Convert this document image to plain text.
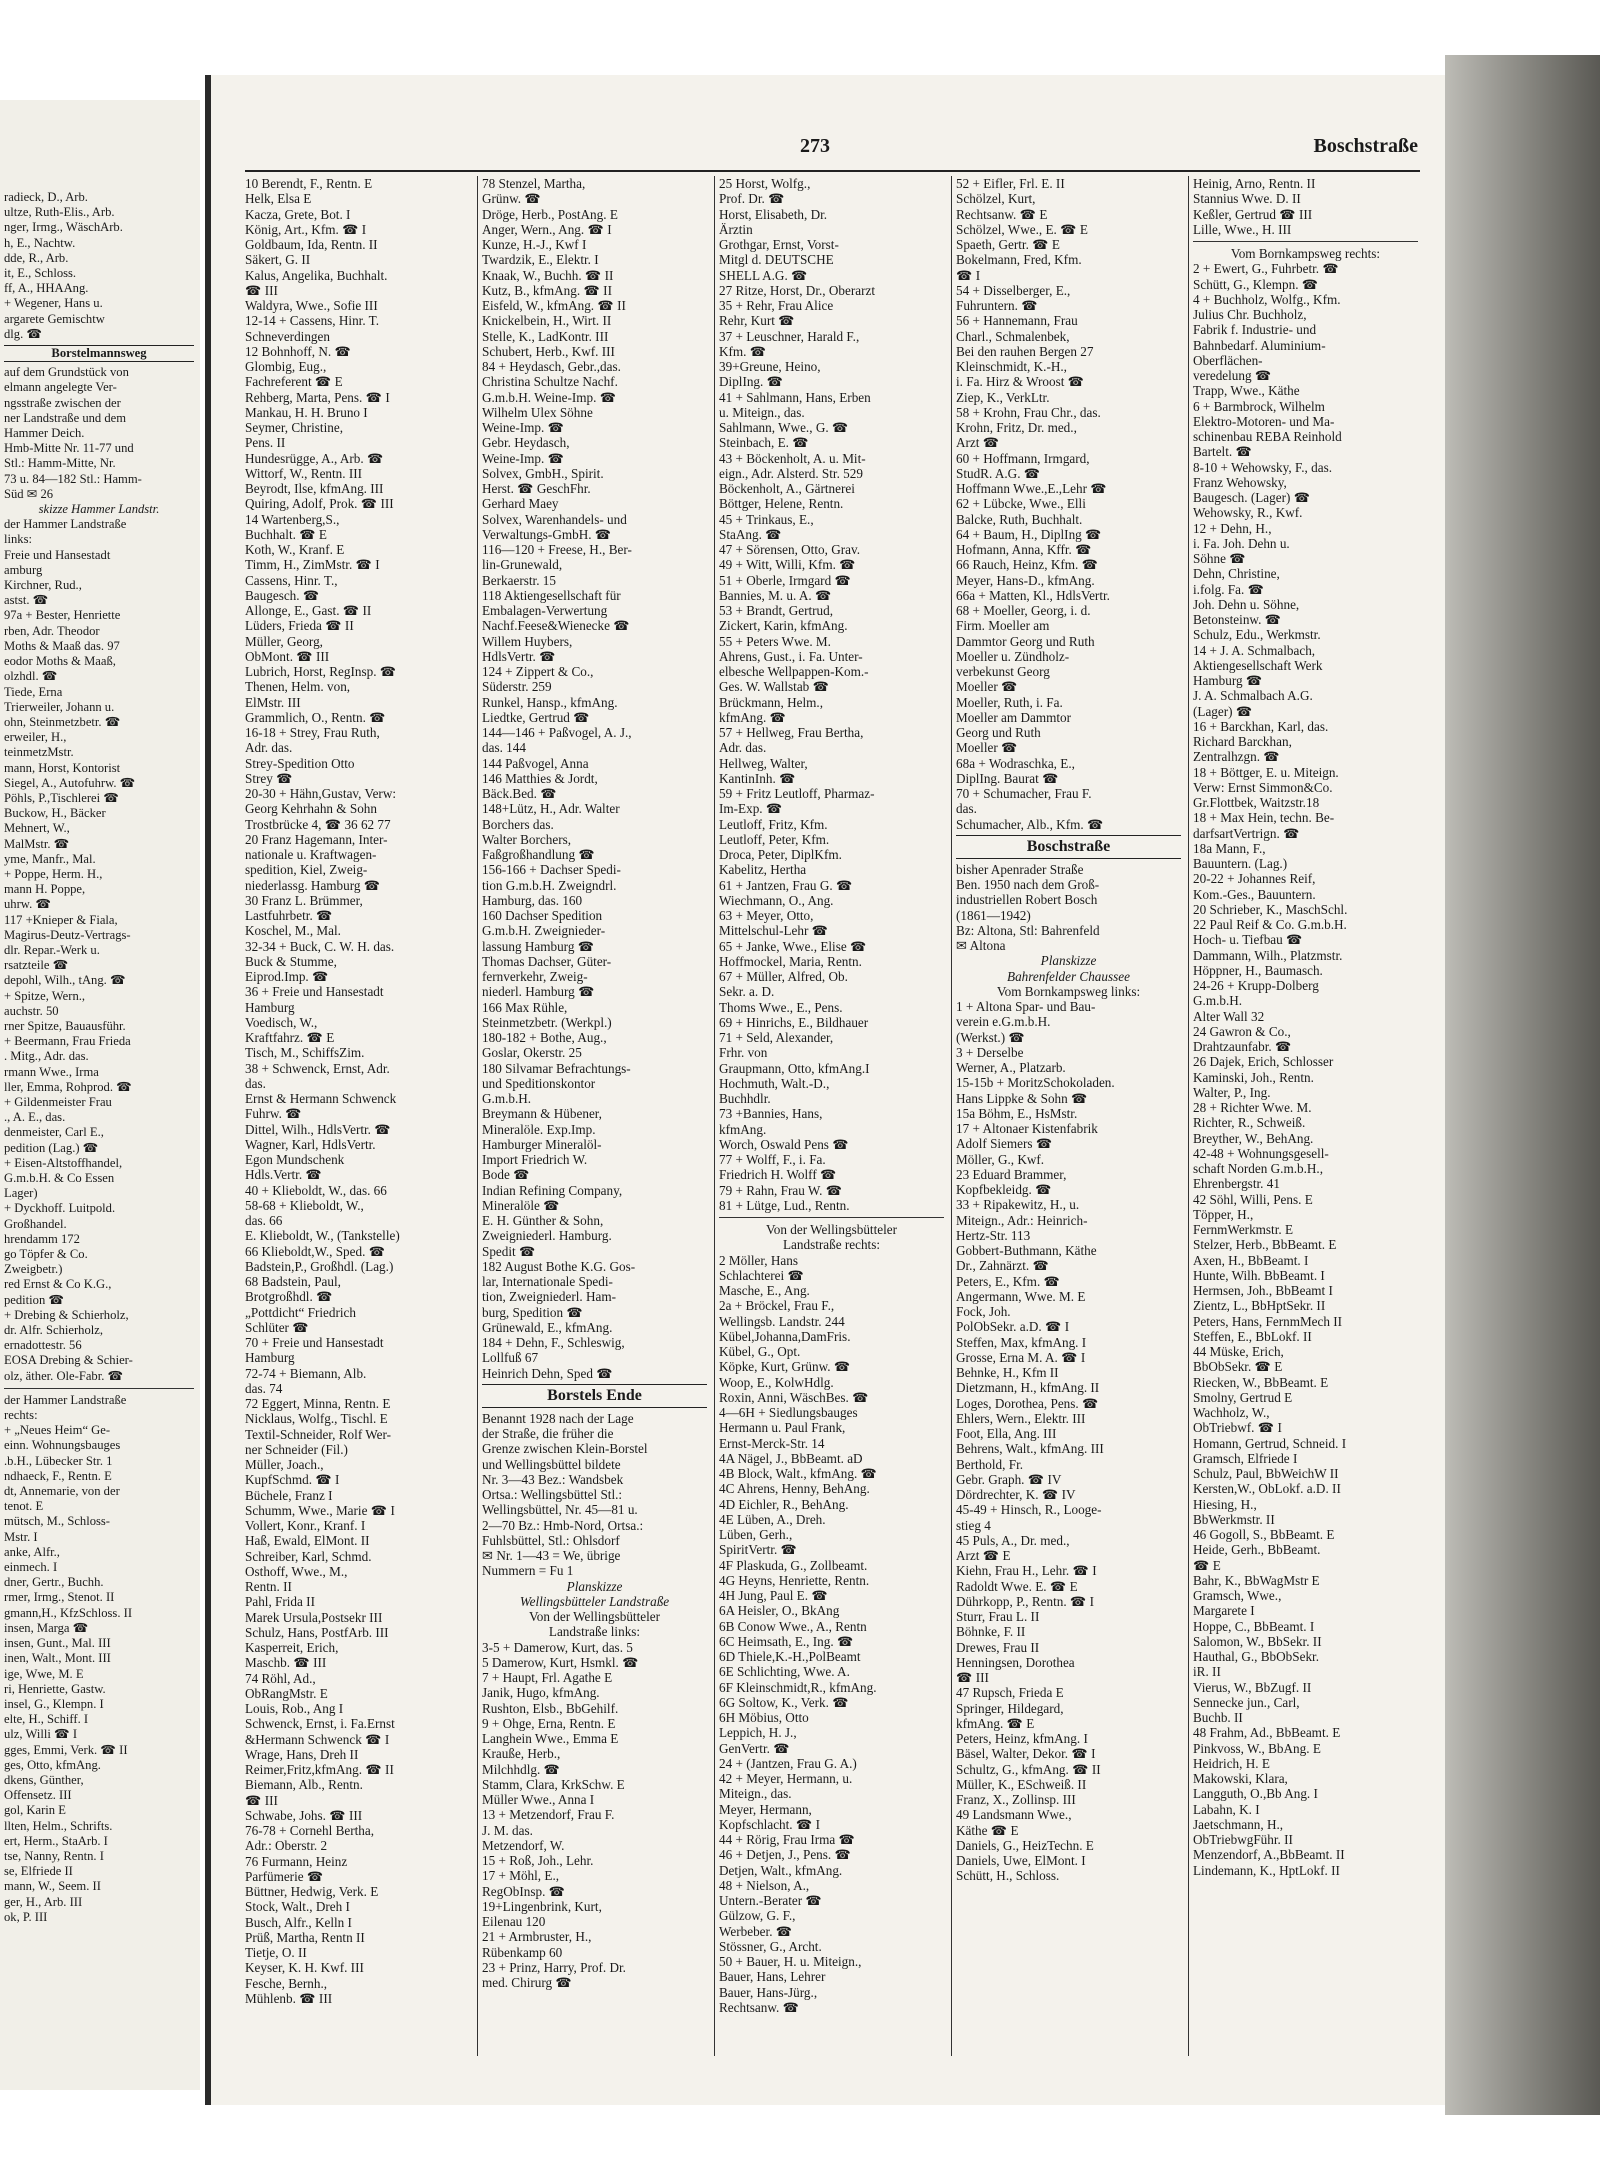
radieck, D., Arb.
ultze, Ruth-Elis., Arb.
nger, Irmg., WäschArb.
h, E., Nachtw.
dde, R., Arb.
it, E., Schloss.
ff, A., HHAAng.
+ Wegener, Hans u.
argarete Gemischtw
dlg. ☎
Borstelmannsweg
auf dem Grundstück von
elmann angelegte Ver-
ngsstraße zwischen der
ner Landstraße und dem
Hammer Deich.
Hmb-Mitte Nr. 11-77 und
Stl.: Hamm-Mitte, Nr.
73 u. 84—182 Stl.: Hamm-
Süd ✉ 26
skizze Hammer Landstr.
der Hammer Landstraße
links:
Freie und Hansestadt
amburg
Kirchner, Rud.,
astst. ☎
97a + Bester, Henriette
rben, Adr. Theodor
Moths & Maaß das. 97
eodor Moths & Maaß,
olzhdl. ☎
Tiede, Erna
Trierweiler, Johann u.
ohn, Steinmetzbetr. ☎
erweiler, H.,
teinmetzMstr.
mann, Horst, Kontorist
Siegel, A., Autofuhrw. ☎
Pöhls, P.,Tischlerei ☎
Buckow, H., Bäcker
Mehnert, W.,
MalMstr. ☎
yme, Manfr., Mal.
+ Poppe, Herm. H.,
mann H. Poppe,
uhrw. ☎
117 +Knieper & Fiala,
Magirus-Deutz-Vertrags-
dlr. Repar.-Werk u.
rsatzteile ☎
depohl, Wilh., tAng. ☎
+ Spitze, Wern.,
auchstr. 50
rner Spitze, Bauausführ.
+ Beermann, Frau Frieda
. Mitg., Adr. das.
rmann Wwe., Irma
ller, Emma, Rohprod. ☎
+ Gildenmeister Frau
., A. E., das.
denmeister, Carl E.,
pedition (Lag.) ☎
+ Eisen-Altstoffhandel,
G.m.b.H. & Co Essen
Lager)
+ Dyckhoff. Luitpold.
Großhandel.
hrendamm 172
go Töpfer & Co.
Zweigbetr.)
red Ernst & Co K.G.,
pedition ☎
+ Drebing & Schierholz,
dr. Alfr. Schierholz,
ernadottestr. 56
EOSA Drebing & Schier-
olz, äther. Ole-Fabr. ☎
der Hammer Landstraße
rechts:
+ „Neues Heim“ Ge-
einn. Wohnungsbauges
.b.H., Lübecker Str. 1
ndhaeck, F., Rentn. E
dt, Annemarie, von der
tenot. E
mütsch, M., Schloss-
Mstr. I
anke, Alfr.,
einmech. I
dner, Gertr., Buchh.
rmer, Irmg., Stenot. II
gmann,H., KfzSchloss. II
insen, Marga ☎
insen, Gunt., Mal. III
inen, Walt., Mont. III
ige, Wwe, M. E
ri, Henriette, Gastw.
insel, G., Klempn. I
elte, H., Schiff. I
ulz, Willi ☎ I
gges, Emmi, Verk. ☎ II
ges, Otto, kfmAng.
dkens, Günther,
Offensetz. III
gol, Karin E
llten, Helm., Schrifts.
ert, Herm., StaArb. I
tse, Nanny, Rentn. I
se, Elfriede II
mann, W., Seem. II
ger, H., Arb. III
ok, P. III
273	Boschstraße
10 Berendt, F., Rentn. E
Helk, Elsa E
Kacza, Grete, Bot. I
König, Art., Kfm. ☎ I
Goldbaum, Ida, Rentn. II
Säkert, G. II
Kalus, Angelika, Buchhalt.
☎ III
Waldyra, Wwe., Sofie III
12-14 + Cassens, Hinr. T.
Schneverdingen
12 Bohnhoff, N. ☎
Glombig, Eug.,
Fachreferent ☎ E
Rehberg, Marta, Pens. ☎ I
Mankau, H. H. Bruno I
Seymer, Christine,
Pens. II
Hundesrügge, A., Arb. ☎
Wittorf, W., Rentn. III
Beyrodt, Ilse, kfmAng. III
Quiring, Adolf, Prok. ☎ III
14 Wartenberg,S.,
Buchhalt. ☎ E
Koth, W., Kranf. E
Timm, H., ZimMstr. ☎ I
Cassens, Hinr. T.,
Baugesch. ☎
Allonge, E., Gast. ☎ II
Lüders, Frieda ☎ II
Müller, Georg,
ObMont. ☎ III
Lubrich, Horst, RegInsp. ☎
Thenen, Helm. von,
ElMstr. III
Grammlich, O., Rentn. ☎
16-18 + Strey, Frau Ruth,
Adr. das.
Strey-Spedition Otto
Strey ☎
20-30 + Hähn,Gustav, Verw:
Georg Kehrhahn & Sohn
Trostbrücke 4, ☎ 36 62 77
20 Franz Hagemann, Inter-
nationale u. Kraftwagen-
spedition, Kiel, Zweig-
niederlassg. Hamburg ☎
30 Franz L. Brümmer,
Lastfuhrbetr. ☎
Koschel, M., Mal.
32-34 + Buck, C. W. H. das.
Buck & Stumme,
Eiprod.Imp. ☎
36 + Freie und Hansestadt
Hamburg
Voedisch, W.,
Kraftfahrz. ☎ E
Tisch, M., SchiffsZim.
38 + Schwenck, Ernst, Adr.
das.
Ernst & Hermann Schwenck
Fuhrw. ☎
Dittel, Wilh., HdlsVertr. ☎
Wagner, Karl, HdlsVertr.
Egon Mundschenk
Hdls.Vertr. ☎
40 + Klieboldt, W., das. 66
58-68 + Klieboldt, W.,
das. 66
E. Klieboldt, W., (Tankstelle)
66 Klieboldt,W., Sped. ☎
Badstein,P., Großhdl. (Lag.)
68 Badstein, Paul,
Brotgroßhdl. ☎
„Pottdicht“ Friedrich
Schlüter ☎
70 + Freie und Hansestadt
Hamburg
72-74 + Biemann, Alb.
das. 74
72 Eggert, Minna, Rentn. E
Nicklaus, Wolfg., Tischl. E
Textil-Schneider, Rolf Wer-
ner Schneider (Fil.)
Müller, Joach.,
KupfSchmd. ☎ I
Büchele, Franz I
Schumm, Wwe., Marie ☎ I
Vollert, Konr., Kranf. I
Haß, Ewald, ElMont. II
Schreiber, Karl, Schmd.
Osthoff, Wwe., M.,
Rentn. II
Pahl, Frida II
Marek Ursula,Postsekr III
Schulz, Hans, PostfArb. III
Kasperreit, Erich,
Maschb. ☎ III
74 Röhl, Ad.,
ObRangMstr. E
Louis, Rob., Ang I
Schwenck, Ernst, i. Fa.Ernst
&Hermann Schwenck ☎ I
Wrage, Hans, Dreh II
Reimer,Fritz,kfmAng. ☎ II
Biemann, Alb., Rentn.
☎ III
Schwabe, Johs. ☎ III
76-78 + Cornehl Bertha,
Adr.: Oberstr. 2
76 Furmann, Heinz
Parfümerie ☎
Büttner, Hedwig, Verk. E
Stock, Walt., Dreh I
Busch, Alfr., Kelln I
Prüß, Martha, Rentn II
Tietje, O. II
Keyser, K. H. Kwf. III
Fesche, Bernh.,
Mühlenb. ☎ III
78 Stenzel, Martha,
Grünw. ☎
Dröge, Herb., PostAng. E
Anger, Wern., Ang. ☎ I
Kunze, H.-J., Kwf I
Twardzik, E., Elektr. I
Knaak, W., Buchh. ☎ II
Kutz, B., kfmAng. ☎ II
Eisfeld, W., kfmAng. ☎ II
Knickelbein, H., Wirt. II
Stelle, K., LadKontr. III
Schubert, Herb., Kwf. III
84 + Heydasch, Gebr.,das.
Christina Schultze Nachf.
G.m.b.H. Weine-Imp. ☎
Wilhelm Ulex Söhne
Weine-Imp. ☎
Gebr. Heydasch,
Weine-Imp. ☎
Solvex, GmbH., Spirit.
Herst. ☎ GeschFhr.
Gerhard Maey
Solvex, Warenhandels- und
Verwaltungs-GmbH. ☎
116—120 + Freese, H., Ber-
lin-Grunewald,
Berkaerstr. 15
118 Aktiengesellschaft für
Embalagen-Verwertung
Nachf.Feese&Wienecke ☎
Willem Huybers,
HdlsVertr. ☎
124 + Zippert & Co.,
Süderstr. 259
Runkel, Hansp., kfmAng.
Liedtke, Gertrud ☎
144—146 + Paßvogel, A. J.,
das. 144
144 Paßvogel, Anna
146 Matthies & Jordt,
Bäck.Bed. ☎
148+Lütz, H., Adr. Walter
Borchers das.
Walter Borchers,
Faßgroßhandlung ☎
156-166 + Dachser Spedi-
tion G.m.b.H. Zweigndrl.
Hamburg, das. 160
160 Dachser Spedition
G.m.b.H. Zweignieder-
lassung Hamburg ☎
Thomas Dachser, Güter-
fernverkehr, Zweig-
niederl. Hamburg ☎
166 Max Rühle,
Steinmetzbetr. (Werkpl.)
180-182 + Bothe, Aug.,
Goslar, Okerstr. 25
180 Silvamar Befrachtungs-
und Speditionskontor
G.m.b.H.
Breymann & Hübener,
Mineralöle. Exp.Imp.
Hamburger Mineralöl-
Import Friedrich W.
Bode ☎
Indian Refining Company,
Mineralöle ☎
E. H. Günther & Sohn,
Zweigniederl. Hamburg.
Spedit ☎
182 August Bothe K.G. Gos-
lar, Internationale Spedi-
tion, Zweigniederl. Ham-
burg, Spedition ☎
Grünewald, E., kfmAng.
184 + Dehn, F., Schleswig,
Lollfuß 67
Heinrich Dehn, Sped ☎
Borstels Ende
Benannt 1928 nach der Lage
der Straße, die früher die
Grenze zwischen Klein-Borstel
und Wellingsbüttel bildete
Nr. 3—43 Bez.: Wandsbek
Ortsa.: Wellingsbüttel Stl.:
Wellingsbüttel, Nr. 45—81 u.
2—70 Bz.: Hmb-Nord, Ortsa.:
Fuhlsbüttel, Stl.: Ohlsdorf
✉ Nr. 1—43 = We, übrige
Nummern = Fu 1
Planskizze
Wellingsbütteler Landstraße
Von der Wellingsbütteler
Landstraße links:
3-5 + Damerow, Kurt, das. 5
5 Damerow, Kurt, Hsmkl. ☎
7 + Haupt, Frl. Agathe E
Janik, Hugo, kfmAng.
Rushton, Elsb., BbGehilf.
9 + Ohge, Erna, Rentn. E
Langhein Wwe., Emma E
Krauße, Herb.,
Milchhdlg. ☎
Stamm, Clara, KrkSchw. E
Müller Wwe., Anna I
13 + Metzendorf, Frau F.
J. M. das.
Metzendorf, W.
15 + Roß, Joh., Lehr.
17 + Möhl, E.,
RegObInsp. ☎
19+Lingenbrink, Kurt,
Eilenau 120
21 + Armbruster, H.,
Rübenkamp 60
23 + Prinz, Harry, Prof. Dr.
med. Chirurg ☎
25 Horst, Wolfg.,
Prof. Dr. ☎
Horst, Elisabeth, Dr.
Ärztin
Grothgar, Ernst, Vorst-
Mitgl d. DEUTSCHE
SHELL A.G. ☎
27 Ritze, Horst, Dr., Oberarzt
35 + Rehr, Frau Alice
Rehr, Kurt ☎
37 + Leuschner, Harald F.,
Kfm. ☎
39+Greune, Heino,
DiplIng. ☎
41 + Sahlmann, Hans, Erben
u. Miteign., das.
Sahlmann, Wwe., G. ☎
Steinbach, E. ☎
43 + Böckenholt, A. u. Mit-
eign., Adr. Alsterd. Str. 529
Böckenholt, A., Gärtnerei
Böttger, Helene, Rentn.
45 + Trinkaus, E.,
StaAng. ☎
47 + Sörensen, Otto, Grav.
49 + Witt, Willi, Kfm. ☎
51 + Oberle, Irmgard ☎
Bannies, M. u. A. ☎
53 + Brandt, Gertrud,
Zickert, Karin, kfmAng.
55 + Peters Wwe. M.
Ahrens, Gust., i. Fa. Unter-
elbesche Wellpappen-Kom.-
Ges. W. Wallstab ☎
Brückmann, Helm.,
kfmAng. ☎
57 + Hellweg, Frau Bertha,
Adr. das.
Hellweg, Walter,
KantinInh. ☎
59 + Fritz Leutloff, Pharmaz-
Im-Exp. ☎
Leutloff, Fritz, Kfm.
Leutloff, Peter, Kfm.
Droca, Peter, DiplKfm.
Kabelitz, Hertha
61 + Jantzen, Frau G. ☎
Wiechmann, O., Ang.
63 + Meyer, Otto,
Mittelschul-Lehr ☎
65 + Janke, Wwe., Elise ☎
Hoffmockel, Maria, Rentn.
67 + Müller, Alfred, Ob.
Sekr. a. D.
Thoms Wwe., E., Pens.
69 + Hinrichs, E., Bildhauer
71 + Seld, Alexander,
Frhr. von
Graupmann, Otto, kfmAng.I
Hochmuth, Walt.-D.,
Buchhdlr.
73 +Bannies, Hans,
kfmAng.
Worch, Oswald Pens ☎
77 + Wolff, F., i. Fa.
Friedrich H. Wolff ☎
79 + Rahn, Frau W. ☎
81 + Lütge, Lud., Rentn.
Von der Wellingsbütteler
Landstraße rechts:
2 Möller, Hans
Schlachterei ☎
Masche, E., Ang.
2a + Bröckel, Frau F.,
Wellingsb. Landstr. 244
Kübel,Johanna,DamFris.
Kübel, G., Opt.
Köpke, Kurt, Grünw. ☎
Woop, E., KolwHdlg.
Roxin, Anni, WäschBes. ☎
4—6H + Siedlungsbauges
Hermann u. Paul Frank,
Ernst-Merck-Str. 14
4A Nägel, J., BbBeamt. aD
4B Block, Walt., kfmAng. ☎
4C Ahrens, Henny, BehAng.
4D Eichler, R., BehAng.
4E Lüben, A., Dreh.
Lüben, Gerh.,
SpiritVertr. ☎
4F Plaskuda, G., Zollbeamt.
4G Heyns, Henriette, Rentn.
4H Jung, Paul E. ☎
6A Heisler, O., BkAng
6B Conow Wwe., A., Rentn
6C Heimsath, E., Ing. ☎
6D Thiele,K.-H.,PolBeamt
6E Schlichting, Wwe. A.
6F Kleinschmidt,R., kfmAng.
6G Soltow, K., Verk. ☎
6H Möbius, Otto
Leppich, H. J.,
GenVertr. ☎
24 + (Jantzen, Frau G. A.)
42 + Meyer, Hermann, u.
Miteign., das.
Meyer, Hermann,
Kopfschlacht. ☎ I
44 + Rörig, Frau Irma ☎
46 + Detjen, J., Pens. ☎
Detjen, Walt., kfmAng.
48 + Nielson, A.,
Untern.-Berater ☎
Gülzow, G. F.,
Werbeber. ☎
Stössner, G., Archt.
50 + Bauer, H. u. Miteign.,
Bauer, Hans, Lehrer
Bauer, Hans-Jürg.,
Rechtsanw. ☎
52 + Eifler, Frl. E. II
Schölzel, Kurt,
Rechtsanw. ☎ E
Schölzel, Wwe., E. ☎ E
Spaeth, Gertr. ☎ E
Bokelmann, Fred, Kfm.
☎ I
54 + Disselberger, E.,
Fuhruntern. ☎
56 + Hannemann, Frau
Charl., Schmalenbek,
Bei den rauhen Bergen 27
Kleinschmidt, K.-H.,
i. Fa. Hirz & Wroost ☎
Ziep, K., VerkLtr.
58 + Krohn, Frau Chr., das.
Krohn, Fritz, Dr. med.,
Arzt ☎
60 + Hoffmann, Irmgard,
StudR. A.G. ☎
Hoffmann Wwe.,E.,Lehr ☎
62 + Lübcke, Wwe., Elli
Balcke, Ruth, Buchhalt.
64 + Baum, H., DiplIng ☎
Hofmann, Anna, Kffr. ☎
66 Rauch, Heinz, Kfm. ☎
Meyer, Hans-D., kfmAng.
66a + Matten, Kl., HdlsVertr.
68 + Moeller, Georg, i. d.
Firm. Moeller am
Dammtor Georg und Ruth
Moeller u. Zündholz-
verbekunst Georg
Moeller ☎
Moeller, Ruth, i. Fa.
Moeller am Dammtor
Georg und Ruth
Moeller ☎
68a + Wodraschka, E.,
DiplIng. Baurat ☎
70 + Schumacher, Frau F.
das.
Schumacher, Alb., Kfm. ☎
Boschstraße
bisher Apenrader Straße
Ben. 1950 nach dem Groß-
industriellen Robert Bosch
(1861—1942)
Bz: Altona, Stl: Bahrenfeld
✉ Altona
Planskizze
Bahrenfelder Chaussee
Vom Bornkampsweg links:
1 + Altona Spar- und Bau-
verein e.G.m.b.H.
(Werkst.) ☎
3 + Derselbe
Werner, A., Platzarb.
15-15b + MoritzSchokoladen.
Hans Lippke & Sohn ☎
15a Böhm, E., HsMstr.
17 + Altonaer Kistenfabrik
Adolf Siemers ☎
Möller, G., Kwf.
23 Eduard Brammer,
Kopfbekleidg. ☎
33 + Ripakewitz, H., u.
Miteign., Adr.: Heinrich-
Hertz-Str. 113
Gobbert-Buthmann, Käthe
Dr., Zahnärzt. ☎
Peters, E., Kfm. ☎
Angermann, Wwe. M. E
Fock, Joh.
PolObSekr. a.D. ☎ I
Steffen, Max, kfmAng. I
Grosse, Erna M. A. ☎ I
Behnke, H., Kfm II
Dietzmann, H., kfmAng. II
Loges, Dorothea, Pens. ☎
Ehlers, Wern., Elektr. III
Foot, Ella, Ang. III
Behrens, Walt., kfmAng. III
Berthold, Fr.
Gebr. Graph. ☎ IV
Dördrechter, K. ☎ IV
45-49 + Hinsch, R., Looge-
stieg 4
45 Puls, A., Dr. med.,
Arzt ☎ E
Kiehn, Frau H., Lehr. ☎ I
Radoldt Wwe. E. ☎ E
Dührkopp, P., Rentn. ☎ I
Sturr, Frau L. II
Böhnke, F. II
Drewes, Frau II
Henningsen, Dorothea
☎ III
47 Rupsch, Frieda E
Springer, Hildegard,
kfmAng. ☎ E
Peters, Heinz, kfmAng. I
Bäsel, Walter, Dekor. ☎ I
Schultz, G., kfmAng. ☎ II
Müller, K., ESchweiß. II
Franz, X., Zollinsp. III
49 Landsmann Wwe.,
Käthe ☎ E
Daniels, G., HeizTechn. E
Daniels, Uwe, ElMont. I
Schütt, H., Schloss.
Heinig, Arno, Rentn. II
Stannius Wwe. D. II
Keßler, Gertrud ☎ III
Lille, Wwe., H. III
Vom Bornkampsweg rechts:
2 + Ewert, G., Fuhrbetr. ☎
Schütt, G., Klempn. ☎
4 + Buchholz, Wolfg., Kfm.
Julius Chr. Buchholz,
Fabrik f. Industrie- und
Bahnbedarf. Aluminium-
Oberflächen-
veredelung ☎
Trapp, Wwe., Käthe
6 + Barmbrock, Wilhelm
Elektro-Motoren- und Ma-
schinenbau REBA Reinhold
Bartelt. ☎
8-10 + Wehowsky, F., das.
Franz Wehowsky,
Baugesch. (Lager) ☎
Wehowsky, R., Kwf.
12 + Dehn, H.,
i. Fa. Joh. Dehn u.
Söhne ☎
Dehn, Christine,
i.folg. Fa. ☎
Joh. Dehn u. Söhne,
Betonsteinw. ☎
Schulz, Edu., Werkmstr.
14 + J. A. Schmalbach,
Aktiengesellschaft Werk
Hamburg ☎
J. A. Schmalbach A.G.
(Lager) ☎
16 + Barckhan, Karl, das.
Richard Barckhan,
Zentralhzgn. ☎
18 + Böttger, E. u. Miteign.
Verw: Ernst Simmon&Co.
Gr.Flottbek, Waitzstr.18
18 + Max Hein, techn. Be-
darfsartVertrign. ☎
18a Mann, F.,
Bauuntern. (Lag.)
20-22 + Johannes Reif,
Kom.-Ges., Bauuntern.
20 Schrieber, K., MaschSchl.
22 Paul Reif & Co. G.m.b.H.
Hoch- u. Tiefbau ☎
Dammann, Wilh., Platzmstr.
Höppner, H., Baumasch.
24-26 + Krupp-Dolberg
G.m.b.H.
Alter Wall 32
24 Gawron & Co.,
Drahtzaunfabr. ☎
26 Dajek, Erich, Schlosser
Kaminski, Joh., Rentn.
Walter, P., Ing.
28 + Richter Wwe. M.
Richter, R., Schweiß.
Breyther, W., BehAng.
42-48 + Wohnungsgesell-
schaft Norden G.m.b.H.,
Ehrenbergstr. 41
42 Söhl, Willi, Pens. E
Töpper, H.,
FernmWerkmstr. E
Stelzer, Herb., BbBeamt. E
Axen, H., BbBeamt. I
Hunte, Wilh. BbBeamt. I
Hermsen, Joh., BbBeamt I
Zientz, L., BbHptSekr. II
Peters, Hans, FernmMech II
Steffen, E., BbLokf. II
44 Müske, Erich,
BbObSekr. ☎ E
Riecken, W., BbBeamt. E
Smolny, Gertrud E
Wachholz, W.,
ObTriebwf. ☎ I
Homann, Gertrud, Schneid. I
Gramsch, Elfriede I
Schulz, Paul, BbWeichW II
Kersten,W., ObLokf. a.D. II
Hiesing, H.,
BbWerkmstr. II
46 Gogoll, S., BbBeamt. E
Heide, Gerh., BbBeamt.
☎ E
Bahr, K., BbWagMstr E
Gramsch, Wwe.,
Margarete I
Hoppe, C., BbBeamt. I
Salomon, W., BbSekr. II
Hauthal, G., BbObSekr.
iR. II
Vierus, W., BbZugf. II
Sennecke jun., Carl,
Buchb. II
48 Frahm, Ad., BbBeamt. E
Pinkvoss, W., BbAng. E
Heidrich, H. E
Makowski, Klara,
Langguth, O.,Bb Ang. I
Labahn, K. I
Jaetschmann, H.,
ObTriebwgFühr. II
Menzendorf, A.,BbBeamt. II
Lindemann, K., HptLokf. II
